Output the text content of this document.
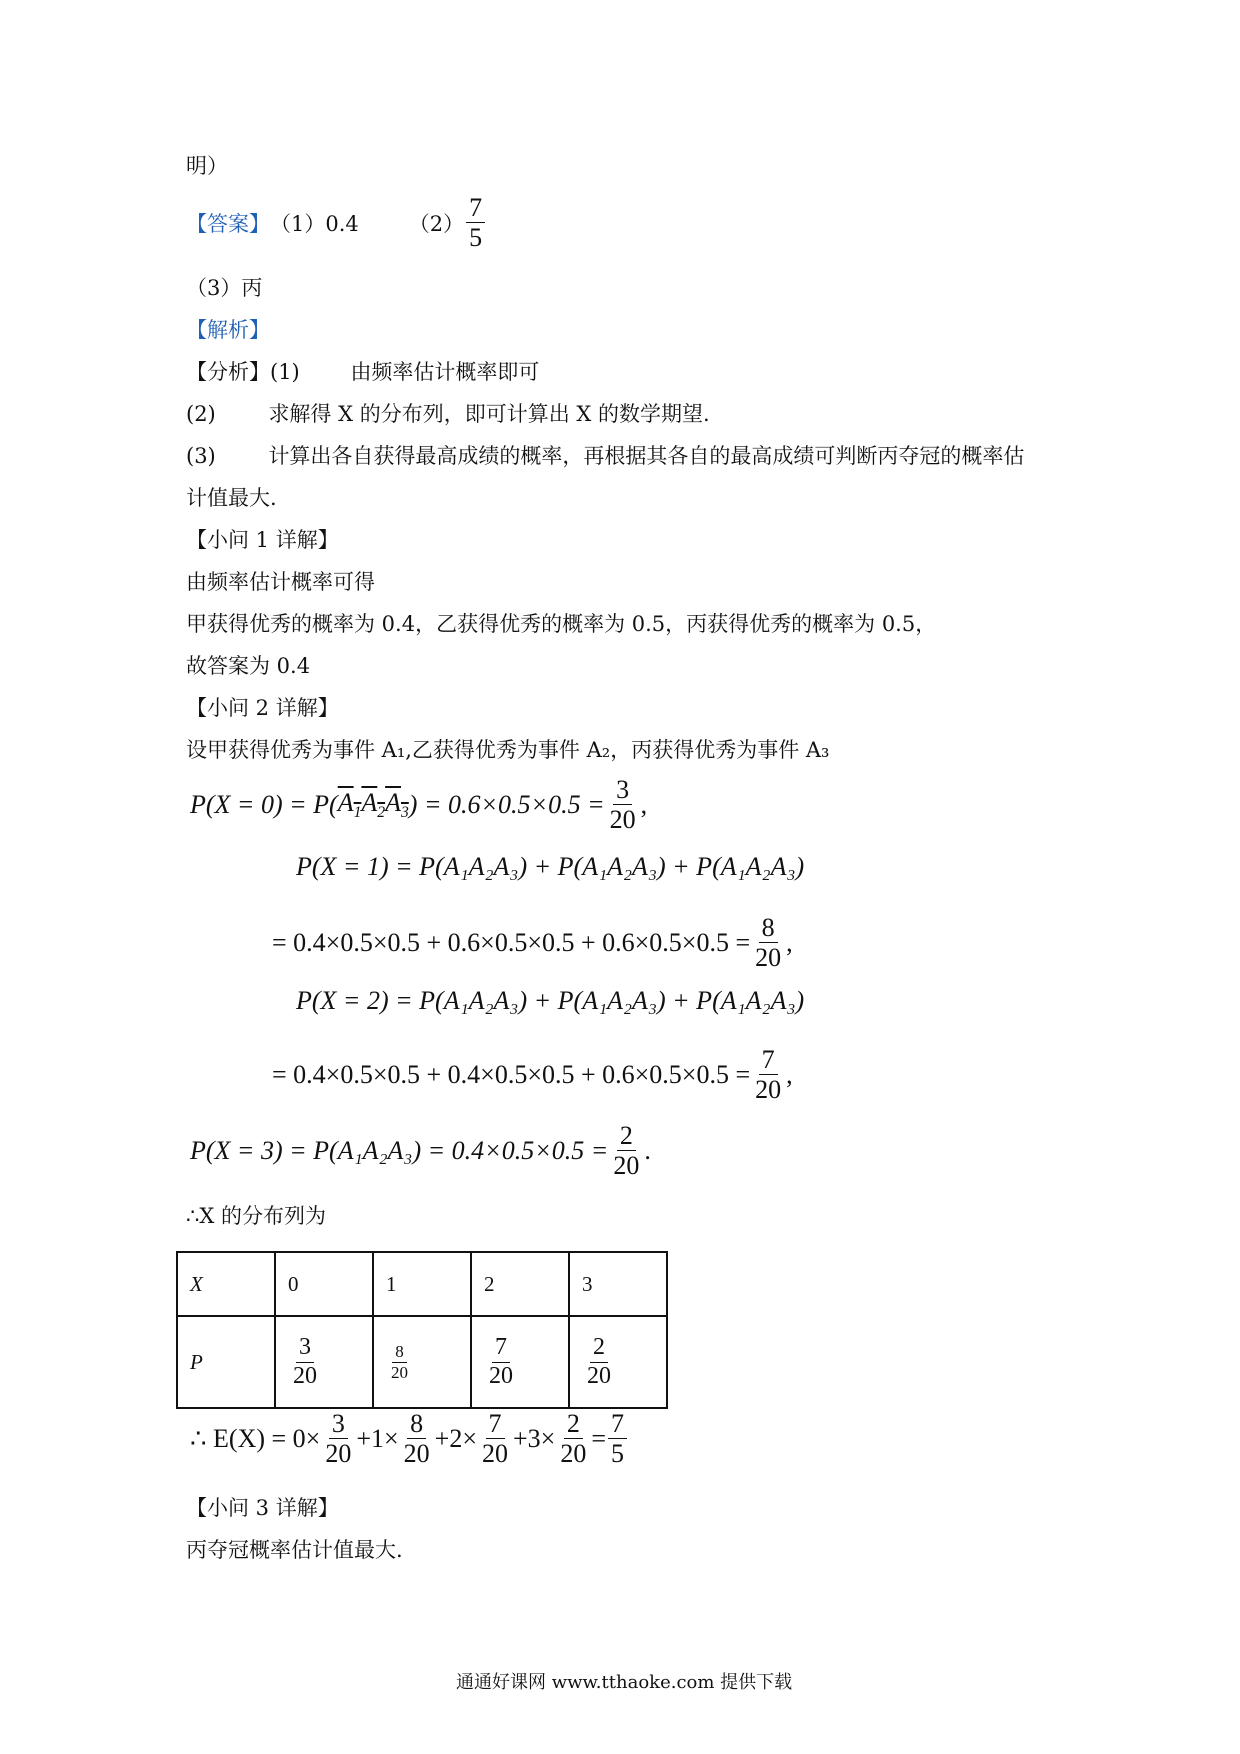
明）
【答案】 （1）0.4 $(2) \frac{7}{5}$
（3）丙
【解析】
【分析】(1) 由频率估计概率即可
(2)	求解得 X 的分布列，即可计算出 X 的数学期望.
(3)	计算出各自获得最高成绩的概率，再根据其各自的最高成绩可判断丙夺冠的概率估
计值最大.
【小问 1 详解】
由频率估计概率可得
甲获得优秀的概率为 0.4，乙获得优秀的概率为 0.5，丙获得优秀的概率为 0.5，
故答案为 0.4
【小问 2 详解】
设甲获得优秀为事件 A₁,乙获得优秀为事件 A₂，丙获得优秀为事件 A₃
P(X = 0) = P( $A_1A_2A_3$ ) = $0.6\times 0.5\times 0.5 = \frac{3}{20}$ ,
P(X = 1) = P(A₁A₂A₃) + P(A₁A₂A₃) + P(A₁A₂A₃)
= $0.4\times 0.5\times 0.5 + 0.6\times 0.5\times 0.5 + 0.6\times 0.5\times 0.5 = \frac{8}{20}$ ,
P(X = 2) = P(A₁A₂A₃) + P(A₁A₂A₃) + P(A₁A₂A₃)
= $0.4\times 0.5\times 0.5 + 0.4\times 0.5\times 0.5 + 0.6\times 0.5\times 0.5 = \frac{7}{20}$ ,
$P(X = 3) = P(A_1A_2A_3) = 0.4\times 0.5\times 0.5 = \frac{2}{20}$ .
∴X 的分布列为
X	0	1	2	3
P	$\frac{3}{20}$	$\frac{8}{20}$	$\frac{7}{20}$	$\frac{2}{20}$
∴ $E(X) = 0\times \frac{3}{20} +1\times \frac{8}{20} +2\times \frac{7}{20} +3\times \frac{2}{20} = \frac{7}{5}$
【小问 3 详解】
丙夺冠概率估计值最大.
通通好课网 www.tthaoke.com 提供下载
